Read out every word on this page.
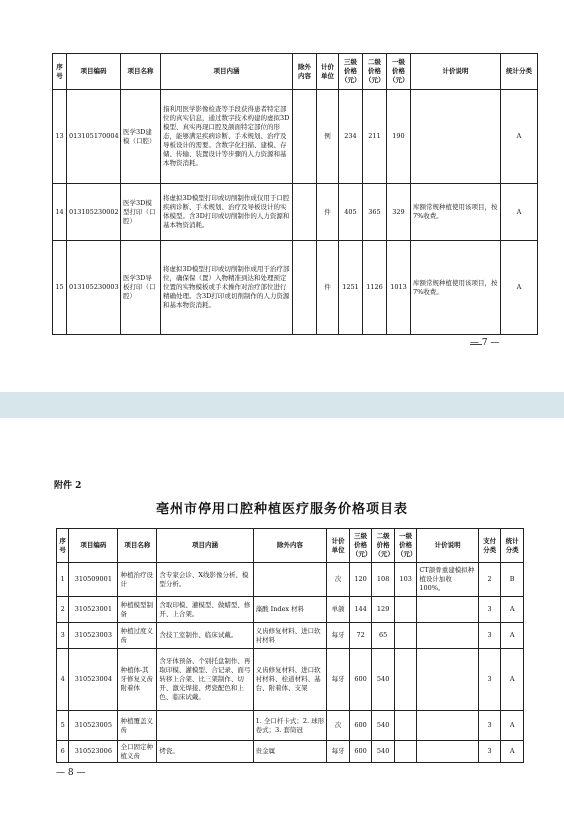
序号	项目编码	项目名称	项目内涵	除外内容	计价单位	三级价格（元）	二级价格（元）	一级价格（元）	计价说明	统计分类
13	013105170004	医学3D建模（口腔）	指利用医学影像检查等手段获得患者特定部位的真实信息，通过数字技术构建的虚拟3D模型、真实再现口腔及颌面特定部位的形态，能够满足疾病诊断、手术规划、治疗及导板设计的需要。含数字化扫描、建模、存储、传输、装置设计等步骤的人力资源和基本物资消耗。		例	234	211	190		A
14	013105230002	医学3D模型打印（口腔）	将虚拟3D模型打印或切削制作成仅用于口腔疾病诊断、手术规划、治疗及导板设计的实体模型。含3D打印或切削制作的人力资源和基本物资消耗。		件	405	365	329	库额常规种植使用该项目，按7%收费。	A
15	013105230003	医学3D导板打印（口腔）	将虚拟3D模型打印或切削制作成用于治疗部位，确保保（置）入物精准到达和处理预定位置的实物模板或手术操作对治疗部位进行精确处理。含3D打印或切削制作的人力资源和基本物资消耗。		件	1251	1126	1013	库额常规种植使用该项目，按7%收费。	A
— 7 —
附件 2
亳州市停用口腔种植医疗服务价格项目表
序号	项目编码	项目名称	项目内涵	除外内容	计价单位	三级价格（元）	二级价格（元）	一级价格（元）	计价说明	支付分类	统计分类
1	310509001	种植治疗设计	含专家会诊、X线影像分析、模型分析。		次	120	108	103	CT颌骨重建模拟种植设计加收100%。	2	B
2	310523001	种植模型制备	含取印模、灌模型、做蜡型、修开、上合架。	藻酸 Index 材料	单颌	144	129			3	A
3	310523003	种植过度义齿	含技工室制作、临床试戴。	义齿修复材料、进口软衬材料	每牙	72	65			3	A
4	310523004	种植体-其牙修复义齿附着体	含牙体预备、个别托盘制作、再取印模、灌模型、合记录、面弓转移上合架、比三架制作、切开、激光焊接、烤瓷配色和上色、临床试戴。	义齿修复材料、进口软衬材料、栓道材料、基台、附着体、支架	每牙	600	540			3	A
5	310523005	种植覆盖义齿		1. 全口杆卡式；2. 球形卷式；3. 套筒冠	次	600	540			3	A
6	310523006	全口固定种植义齿	烤瓷。	贵金属	每牙	600	540			3	A
— 8 —
